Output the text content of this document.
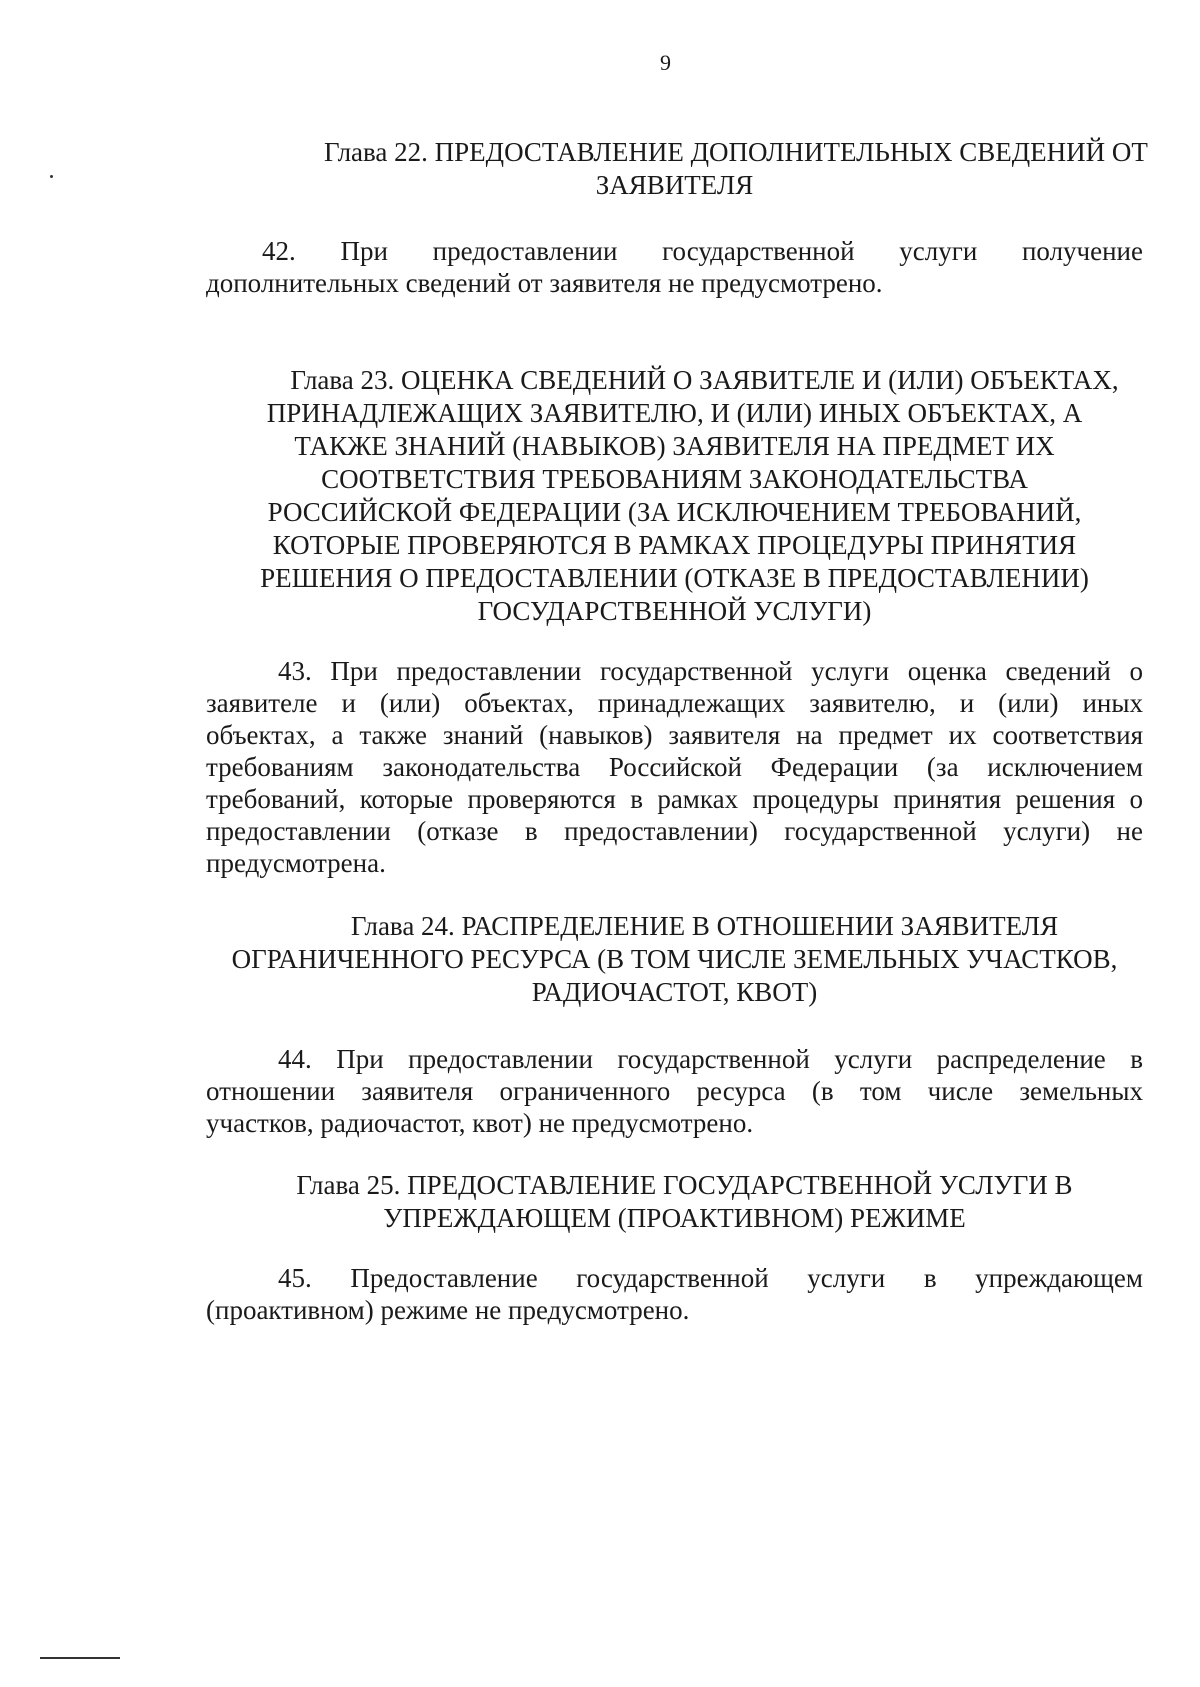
9
Глава 22. ПРЕДОСТАВЛЕНИЕ ДОПОЛНИТЕЛЬНЫХ СВЕДЕНИЙ ОТ
ЗАЯВИТЕЛЯ
42. При предоставлении государственной услуги получение
дополнительных сведений от заявителя не предусмотрено.
Глава 23. ОЦЕНКА СВЕДЕНИЙ О ЗАЯВИТЕЛЕ И (ИЛИ) ОБЪЕКТАХ,
ПРИНАДЛЕЖАЩИХ ЗАЯВИТЕЛЮ, И (ИЛИ) ИНЫХ ОБЪЕКТАХ, А
ТАКЖЕ ЗНАНИЙ (НАВЫКОВ) ЗАЯВИТЕЛЯ НА ПРЕДМЕТ ИХ
СООТВЕТСТВИЯ ТРЕБОВАНИЯМ ЗАКОНОДАТЕЛЬСТВА
РОССИЙСКОЙ ФЕДЕРАЦИИ (ЗА ИСКЛЮЧЕНИЕМ ТРЕБОВАНИЙ,
КОТОРЫЕ ПРОВЕРЯЮТСЯ В РАМКАХ ПРОЦЕДУРЫ ПРИНЯТИЯ
РЕШЕНИЯ О ПРЕДОСТАВЛЕНИИ (ОТКАЗЕ В ПРЕДОСТАВЛЕНИИ)
ГОСУДАРСТВЕННОЙ УСЛУГИ)
43. При предоставлении государственной услуги оценка сведений о
заявителе и (или) объектах, принадлежащих заявителю, и (или) иных
объектах, а также знаний (навыков) заявителя на предмет их соответствия
требованиям законодательства Российской Федерации (за исключением
требований, которые проверяются в рамках процедуры принятия решения о
предоставлении (отказе в предоставлении) государственной услуги) не
предусмотрена.
Глава 24. РАСПРЕДЕЛЕНИЕ В ОТНОШЕНИИ ЗАЯВИТЕЛЯ
ОГРАНИЧЕННОГО РЕСУРСА (В ТОМ ЧИСЛЕ ЗЕМЕЛЬНЫХ УЧАСТКОВ,
РАДИОЧАСТОТ, КВОТ)
44. При предоставлении государственной услуги распределение в
отношении заявителя ограниченного ресурса (в том числе земельных
участков, радиочастот, квот) не предусмотрено.
Глава 25. ПРЕДОСТАВЛЕНИЕ ГОСУДАРСТВЕННОЙ УСЛУГИ В
УПРЕЖДАЮЩЕМ (ПРОАКТИВНОМ) РЕЖИМЕ
45. Предоставление государственной услуги в упреждающем
(проактивном) режиме не предусмотрено.
